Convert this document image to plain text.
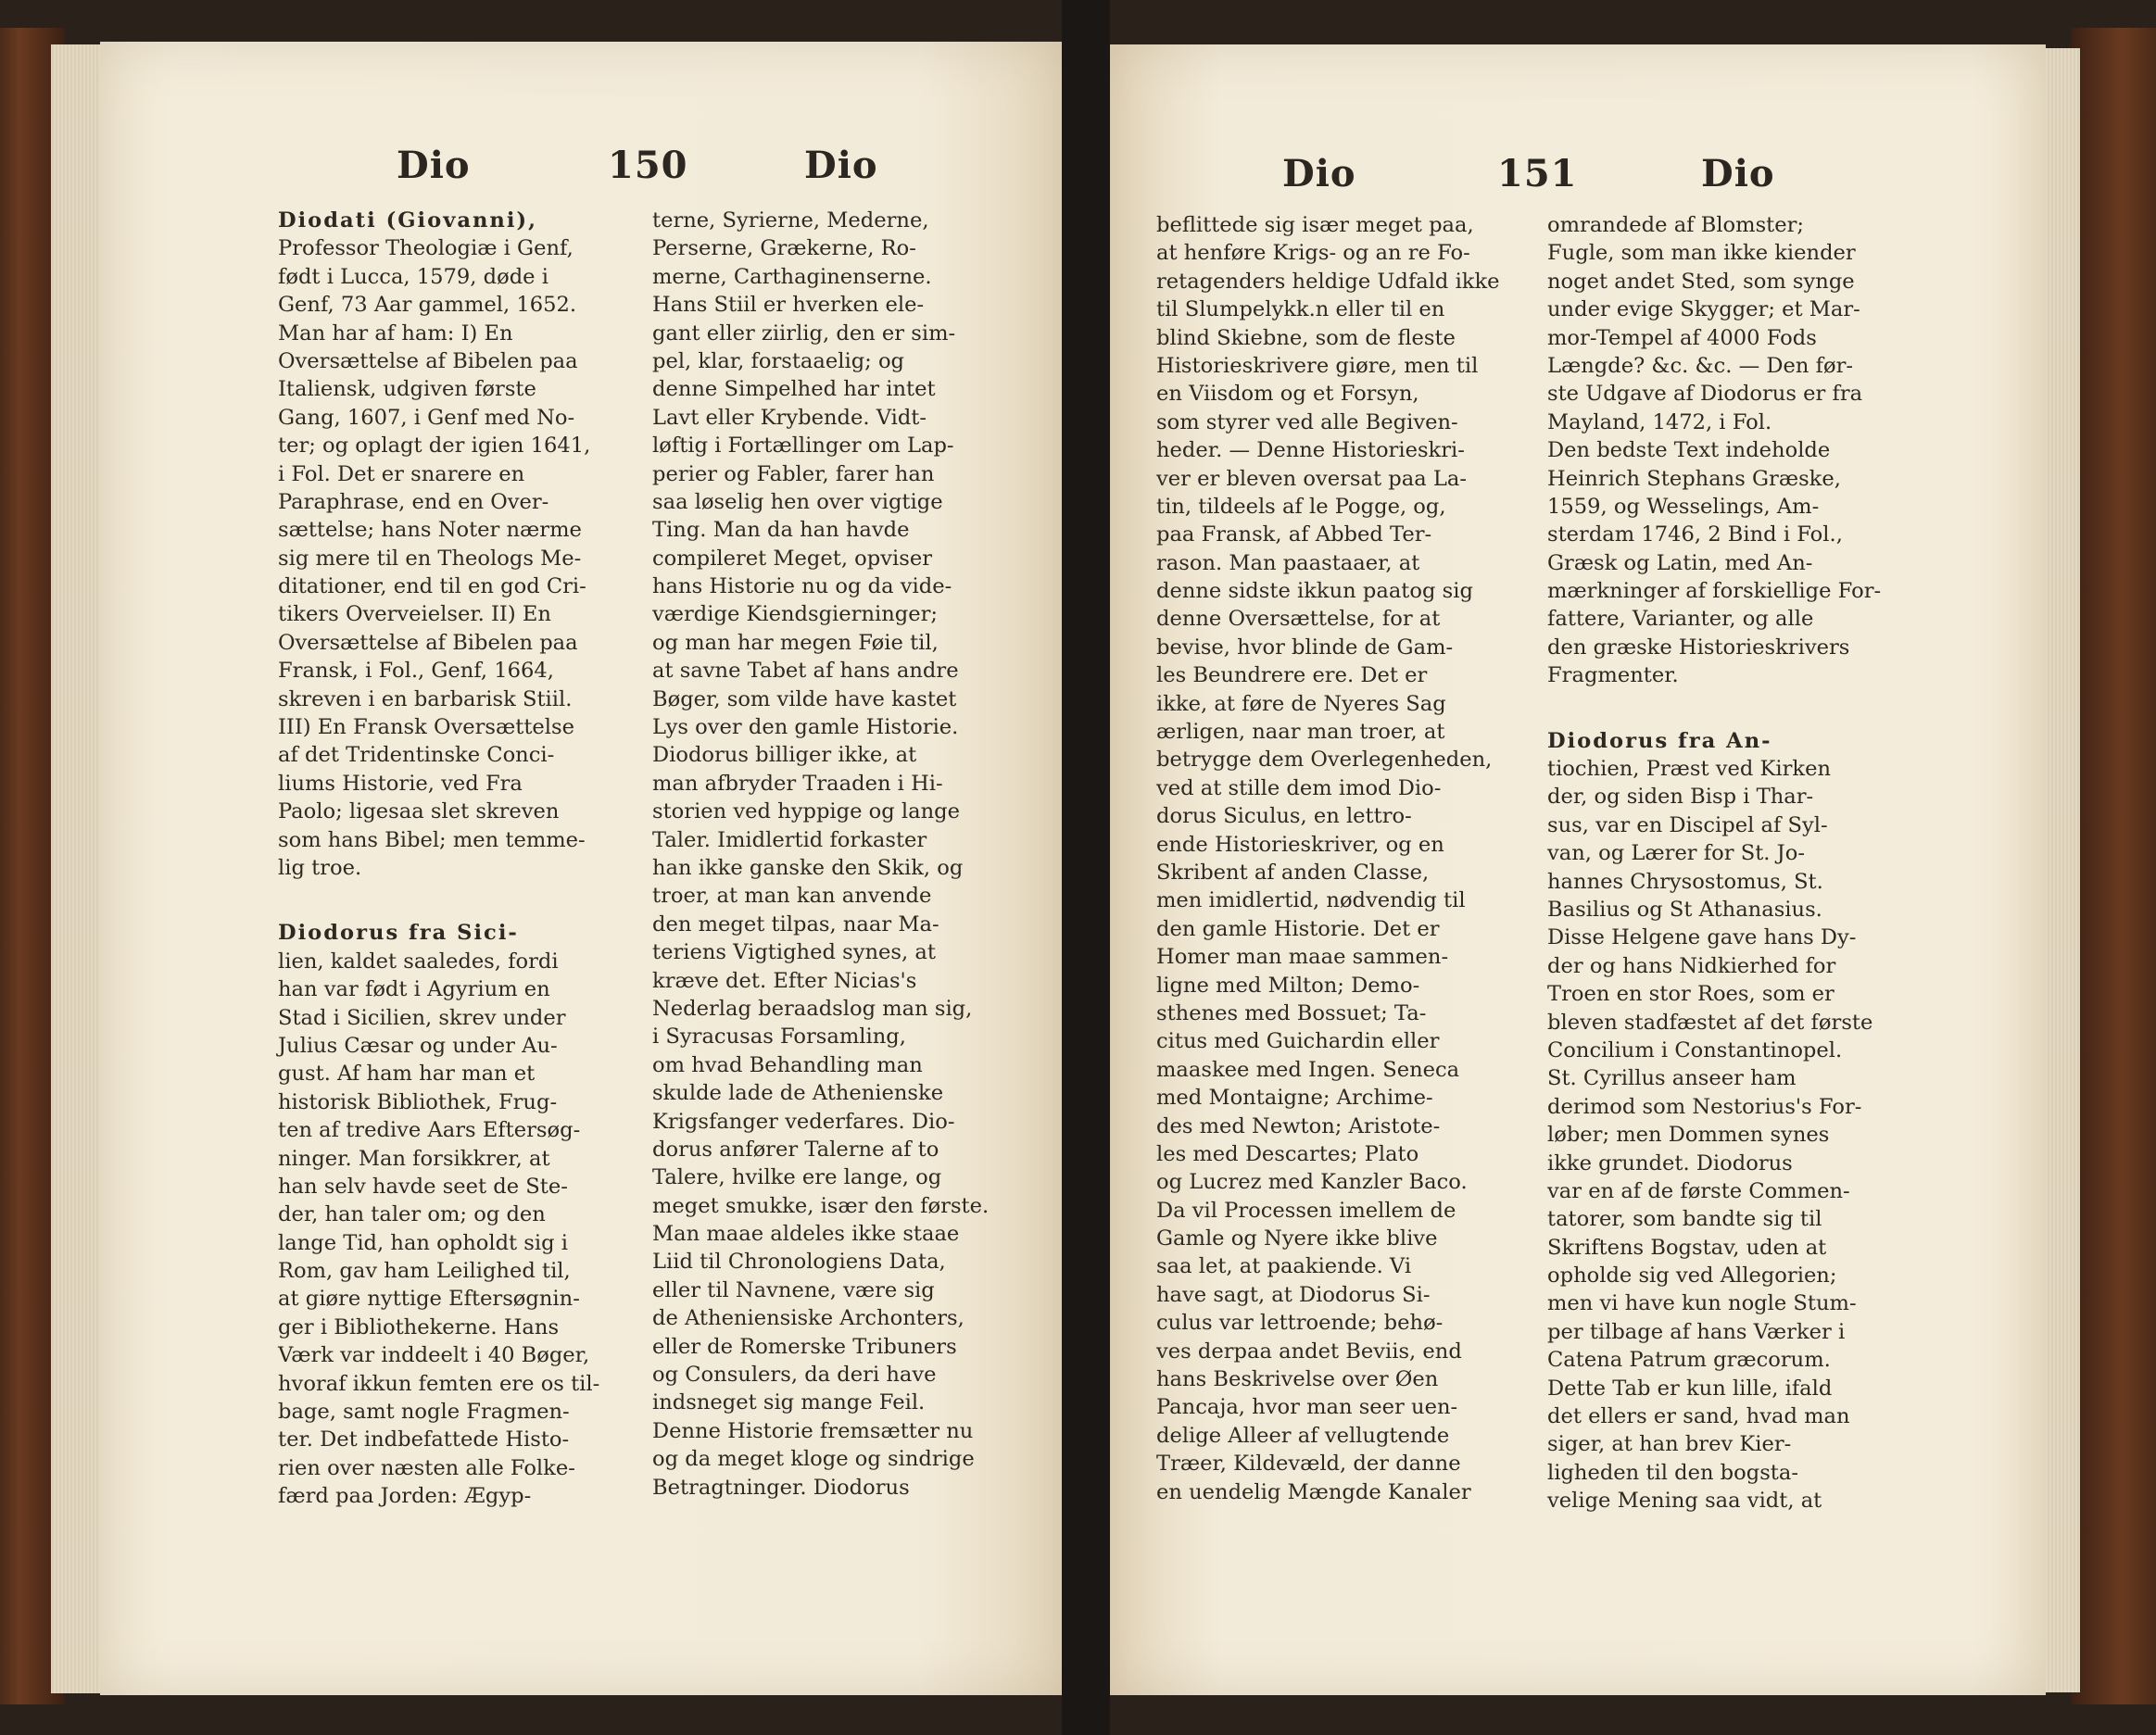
Dio	150	Dio
Diodati (Giovanni),
Professor Theologiæ i Genf,
født i Lucca, 1579, døde i
Genf, 73 Aar gammel, 1652.
Man har af ham: I) En
Oversættelse af Bibelen paa
Italiensk, udgiven første
Gang, 1607, i Genf med No-
ter; og oplagt der igien 1641,
i Fol. Det er snarere en
Paraphrase, end en Over-
sættelse; hans Noter nærme
sig mere til en Theologs Me-
ditationer, end til en god Cri-
tikers Overveielser. II) En
Oversættelse af Bibelen paa
Fransk, i Fol., Genf, 1664,
skreven i en barbarisk Stiil.
III) En Fransk Oversættelse
af det Tridentinske Conci-
liums Historie, ved Fra
Paolo; ligesaa slet skreven
som hans Bibel; men temme-
lig troe.
Diodorus fra Sici-
lien, kaldet saaledes, fordi
han var født i Agyrium en
Stad i Sicilien, skrev under
Julius Cæsar og under Au-
gust. Af ham har man et
historisk Bibliothek, Frug-
ten af tredive Aars Eftersøg-
ninger. Man forsikkrer, at
han selv havde seet de Ste-
der, han taler om; og den
lange Tid, han opholdt sig i
Rom, gav ham Leilighed til,
at giøre nyttige Eftersøgnin-
ger i Bibliothekerne. Hans
Værk var inddeelt i 40 Bøger,
hvoraf ikkun femten ere os til-
bage, samt nogle Fragmen-
ter. Det indbefattede Histo-
rien over næsten alle Folke-
færd paa Jorden: Ægyp-
terne, Syrierne, Mederne,
Perserne, Grækerne, Ro-
merne, Carthaginenserne.
Hans Stiil er hverken ele-
gant eller ziirlig, den er sim-
pel, klar, forstaaelig; og
denne Simpelhed har intet
Lavt eller Krybende. Vidt-
løftig i Fortællinger om Lap-
perier og Fabler, farer han
saa løselig hen over vigtige
Ting. Man da han havde
compileret Meget, opviser
hans Historie nu og da vide-
værdige Kiendsgierninger;
og man har megen Føie til,
at savne Tabet af hans andre
Bøger, som vilde have kastet
Lys over den gamle Historie.
Diodorus billiger ikke, at
man afbryder Traaden i Hi-
storien ved hyppige og lange
Taler. Imidlertid forkaster
han ikke ganske den Skik, og
troer, at man kan anvende
den meget tilpas, naar Ma-
teriens Vigtighed synes, at
kræve det. Efter Nicias's
Nederlag beraadslog man sig,
i Syracusas Forsamling,
om hvad Behandling man
skulde lade de Athenienske
Krigsfanger vederfares. Dio-
dorus anfører Talerne af to
Talere, hvilke ere lange, og
meget smukke, især den første.
Man maae aldeles ikke staae
Liid til Chronologiens Data,
eller til Navnene, være sig
de Atheniensiske Archonters,
eller de Romerske Tribuners
og Consulers, da deri have
indsneget sig mange Feil.
Denne Historie fremsætter nu
og da meget kloge og sindrige
Betragtninger. Diodorus
Dio	151	Dio
beflittede sig især meget paa,
at henføre Krigs- og an re Fo-
retagenders heldige Udfald ikke
til Slumpelykk.n eller til en
blind Skiebne, som de fleste
Historieskrivere giøre, men til
en Viisdom og et Forsyn,
som styrer ved alle Begiven-
heder. — Denne Historieskri-
ver er bleven oversat paa La-
tin, tildeels af le Pogge, og,
paa Fransk, af Abbed Ter-
rason. Man paastaaer, at
denne sidste ikkun paatog sig
denne Oversættelse, for at
bevise, hvor blinde de Gam-
les Beundrere ere. Det er
ikke, at føre de Nyeres Sag
ærligen, naar man troer, at
betrygge dem Overlegenheden,
ved at stille dem imod Dio-
dorus Siculus, en lettro-
ende Historieskriver, og en
Skribent af anden Classe,
men imidlertid, nødvendig til
den gamle Historie. Det er
Homer man maae sammen-
ligne med Milton; Demo-
sthenes med Bossuet; Ta-
citus med Guichardin eller
maaskee med Ingen. Seneca
med Montaigne; Archime-
des med Newton; Aristote-
les med Descartes; Plato
og Lucrez med Kanzler Baco.
Da vil Processen imellem de
Gamle og Nyere ikke blive
saa let, at paakiende. Vi
have sagt, at Diodorus Si-
culus var lettroende; behø-
ves derpaa andet Beviis, end
hans Beskrivelse over Øen
Pancaja, hvor man seer uen-
delige Alleer af vellugtende
Træer, Kildevæld, der danne
en uendelig Mængde Kanaler
omrandede af Blomster;
Fugle, som man ikke kiender
noget andet Sted, som synge
under evige Skygger; et Mar-
mor-Tempel af 4000 Fods
Længde? &c. &c. — Den før-
ste Udgave af Diodorus er fra
Mayland, 1472, i Fol.
Den bedste Text indeholde
Heinrich Stephans Græske,
1559, og Wesselings, Am-
sterdam 1746, 2 Bind i Fol.,
Græsk og Latin, med An-
mærkninger af forskiellige For-
fattere, Varianter, og alle
den græske Historieskrivers
Fragmenter.
Diodorus fra An-
tiochien, Præst ved Kirken
der, og siden Bisp i Thar-
sus, var en Discipel af Syl-
van, og Lærer for St. Jo-
hannes Chrysostomus, St.
Basilius og St Athanasius.
Disse Helgene gave hans Dy-
der og hans Nidkierhed for
Troen en stor Roes, som er
bleven stadfæstet af det første
Concilium i Constantinopel.
St. Cyrillus anseer ham
derimod som Nestorius's For-
løber; men Dommen synes
ikke grundet. Diodorus
var en af de første Commen-
tatorer, som bandte sig til
Skriftens Bogstav, uden at
opholde sig ved Allegorien;
men vi have kun nogle Stum-
per tilbage af hans Værker i
Catena Patrum græcorum.
Dette Tab er kun lille, ifald
det ellers er sand, hvad man
siger, at han brev Kier-
ligheden til den bogsta-
velige Mening saa vidt, at
